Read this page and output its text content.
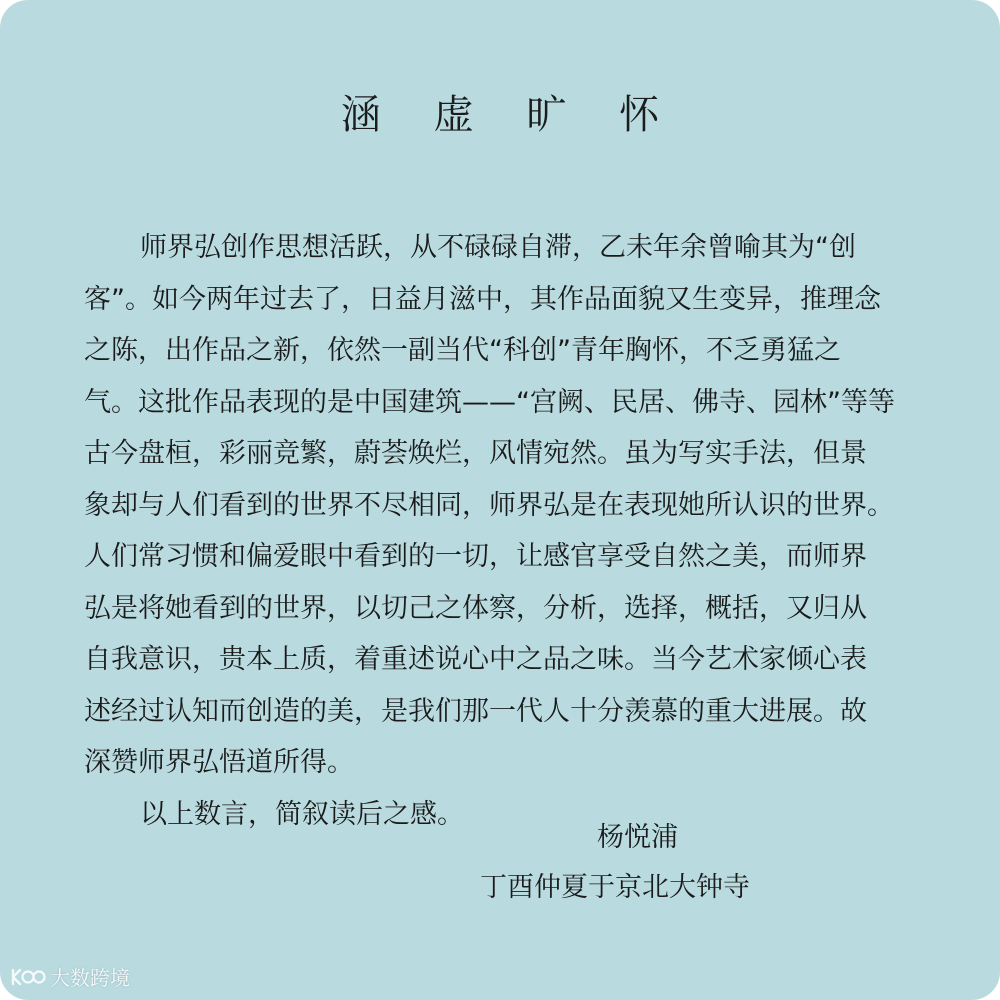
涵 虚 旷 怀
师界弘创作思想活跃，从不碌碌自滞，乙未年余曾喻其为“创
客”。如今两年过去了，日益月滋中，其作品面貌又生变异，推理念
之陈，出作品之新，依然一副当代“科创”青年胸怀，不乏勇猛之
气。这批作品表现的是中国建筑——“宫阙、民居、佛寺、园林”等等
古今盘桓，彩丽竞繁，蔚荟焕烂，风情宛然。虽为写实手法，但景
象却与人们看到的世界不尽相同，师界弘是在表现她所认识的世界。
人们常习惯和偏爱眼中看到的一切，让感官享受自然之美，而师界
弘是将她看到的世界，以切己之体察，分析，选择，概括，又归从
自我意识，贵本上质，着重述说心中之品之味。当今艺术家倾心表
述经过认知而创造的美，是我们那一代人十分羡慕的重大进展。故
深赞师界弘悟道所得。
以上数言，简叙读后之感。
杨悦浦
丁酉仲夏于京北大钟寺
大数跨境
